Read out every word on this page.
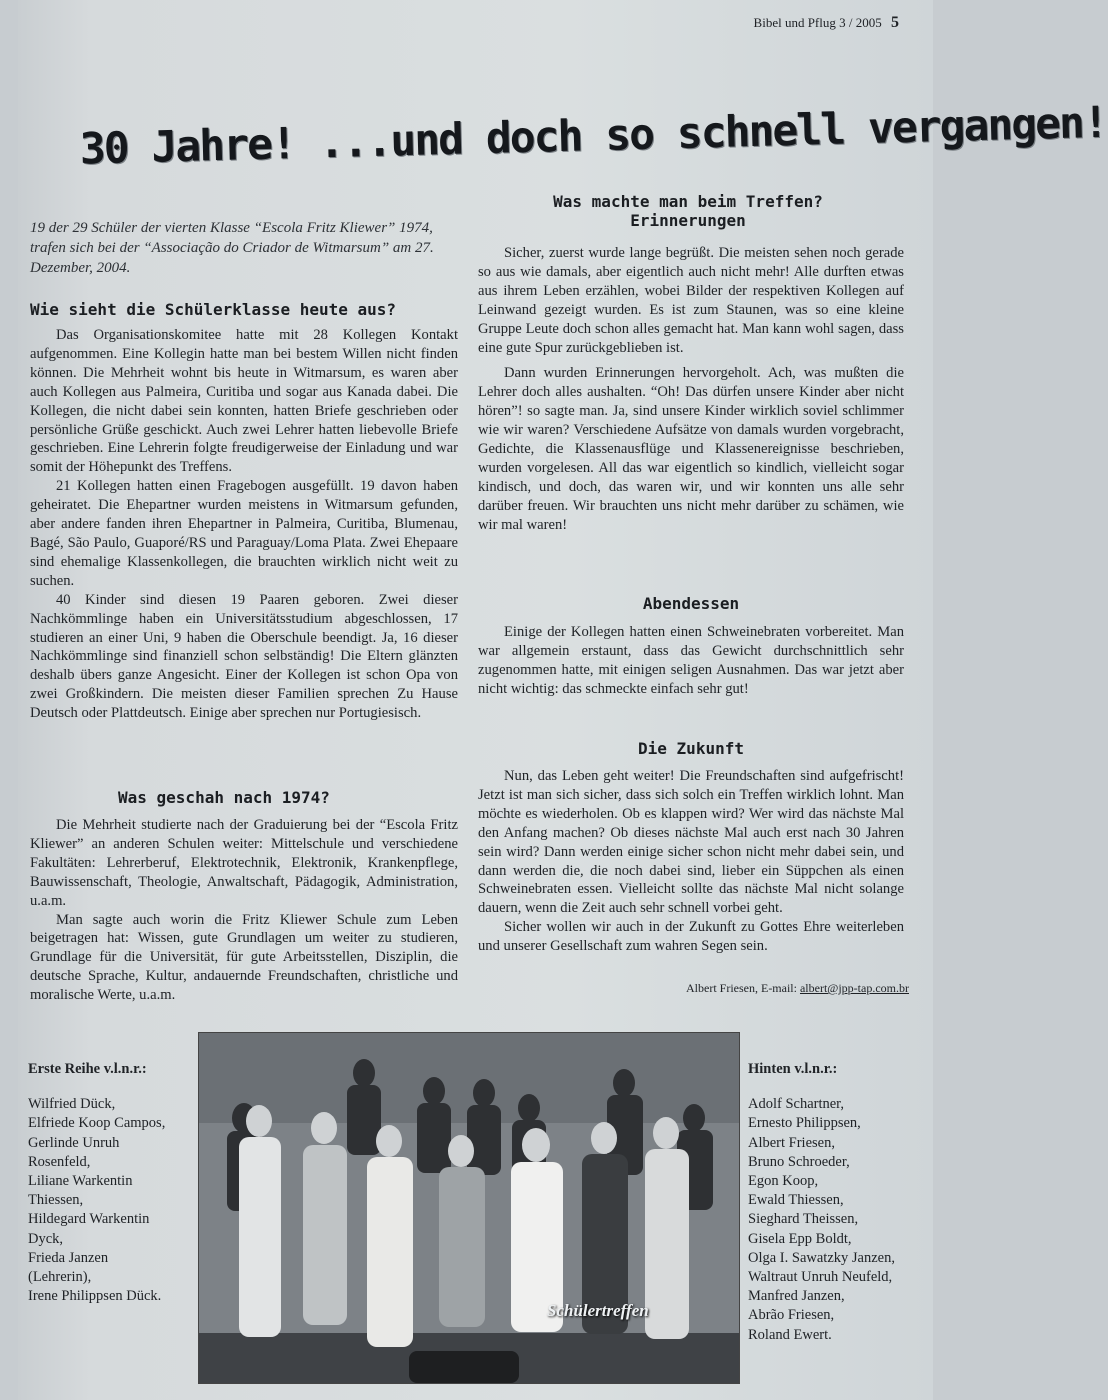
Bibel und Pflug 3 / 2005 5
30 Jahre! ...und doch so schnell vergangen!
19 der 29 Schüler der vierten Klasse “Escola Fritz Kliewer” 1974, trafen sich bei der “Associação do Criador de Witmarsum” am 27. Dezember, 2004.
Wie sieht die Schülerklasse heute aus?

Das Organisationskomitee hatte mit 28 Kollegen Kontakt aufgenommen. Eine Kollegin hatte man bei bestem Willen nicht finden können. Die Mehrheit wohnt bis heute in Witmarsum, es waren aber auch Kollegen aus Palmeira, Curitiba und sogar aus Kanada dabei. Die Kollegen, die nicht dabei sein konnten, hatten Briefe geschrieben oder persönliche Grüße geschickt. Auch zwei Lehrer hatten liebevolle Briefe geschrieben. Eine Lehrerin folgte freudigerweise der Einladung und war somit der Höhepunkt des Treffens.

21 Kollegen hatten einen Fragebogen ausgefüllt. 19 davon haben geheiratet. Die Ehepartner wurden meistens in Witmarsum gefunden, aber andere fanden ihren Ehepartner in Palmeira, Curitiba, Blumenau, Bagé, São Paulo, Guaporé/RS und Paraguay/Loma Plata. Zwei Ehepaare sind ehemalige Klassenkollegen, die brauchten wirklich nicht weit zu suchen.

40 Kinder sind diesen 19 Paaren geboren. Zwei dieser Nachkömmlinge haben ein Universitätsstudium abgeschlossen, 17 studieren an einer Uni, 9 haben die Oberschule beendigt. Ja, 16 dieser Nachkömmlinge sind finanziell schon selbständig! Die Eltern glänzten deshalb übers ganze Angesicht. Einer der Kollegen ist schon Opa von zwei Großkindern. Die meisten dieser Familien sprechen Zu Hause Deutsch oder Plattdeutsch. Einige aber sprechen nur Portugiesisch.

Was geschah nach 1974?

Die Mehrheit studierte nach der Graduierung bei der “Escola Fritz Kliewer” an anderen Schulen weiter: Mittelschule und verschiedene Fakultäten: Lehrerberuf, Elektrotechnik, Elektronik, Krankenpflege, Bauwissenschaft, Theologie, Anwaltschaft, Pädagogik, Administration, u.a.m.

Man sagte auch worin die Fritz Kliewer Schule zum Leben beigetragen hat: Wissen, gute Grundlagen um weiter zu studieren, Grundlage für die Universität, für gute Arbeitsstellen, Disziplin, die deutsche Sprache, Kultur, andauernde Freundschaften, christliche und moralische Werte, u.a.m.

Was machte man beim Treffen?
Erinnerungen

Sicher, zuerst wurde lange begrüßt. Die meisten sehen noch gerade so aus wie damals, aber eigentlich auch nicht mehr! Alle durften etwas aus ihrem Leben erzählen, wobei Bilder der respektiven Kollegen auf Leinwand gezeigt wurden. Es ist zum Staunen, was so eine kleine Gruppe Leute doch schon alles gemacht hat. Man kann wohl sagen, dass eine gute Spur zurückgeblieben ist.

Dann wurden Erinnerungen hervorgeholt. Ach, was mußten die Lehrer doch alles aushalten. “Oh! Das dürfen unsere Kinder aber nicht hören”! so sagte man. Ja, sind unsere Kinder wirklich soviel schlimmer wie wir waren? Verschiedene Aufsätze von damals wurden vorgebracht, Gedichte, die Klassenausflüge und Klassenereignisse beschrieben, wurden vorgelesen. All das war eigentlich so kindlich, vielleicht sogar kindisch, und doch, das waren wir, und wir konnten uns alle sehr darüber freuen. Wir brauchten uns nicht mehr darüber zu schämen, wie wir mal waren!

Abendessen

Einige der Kollegen hatten einen Schweinebraten vorbereitet. Man war allgemein erstaunt, dass das Gewicht durchschnittlich sehr zugenommen hatte, mit einigen seligen Ausnahmen. Das war jetzt aber nicht wichtig: das schmeckte einfach sehr gut!

Die Zukunft

Nun, das Leben geht weiter! Die Freundschaften sind aufgefrischt! Jetzt ist man sich sicher, dass sich solch ein Treffen wirklich lohnt. Man möchte es wiederholen. Ob es klappen wird? Wer wird das nächste Mal den Anfang machen? Ob dieses nächste Mal auch erst nach 30 Jahren sein wird? Dann werden einige sicher schon nicht mehr dabei sein, und dann werden die, die noch dabei sind, lieber ein Süppchen als einen Schweinebraten essen. Vielleicht sollte das nächste Mal nicht solange dauern, wenn die Zeit auch sehr schnell vorbei geht.

Sicher wollen wir auch in der Zukunft zu Gottes Ehre weiterleben und unserer Gesellschaft zum wahren Segen sein.

Albert Friesen, E-mail: albert@jpp-tap.com.br
Erste Reihe v.l.n.r.:
Wilfried Dück,
Elfriede Koop Campos,
Gerlinde Unruh
Rosenfeld,
Liliane Warkentin
Thiessen,
Hildegard Warkentin
Dyck,
Frieda Janzen
(Lehrerin),
Irene Philippsen Dück.
Hinten v.l.n.r.:
Adolf Schartner,
Ernesto Philippsen,
Albert Friesen,
Bruno Schroeder,
Egon Koop,
Ewald Thiessen,
Sieghard Theissen,
Gisela Epp Boldt,
Olga I. Sawatzky Janzen,
Waltraut Unruh Neufeld,
Manfred Janzen,
Abrão Friesen,
Roland Ewert.
Schülertreffen
